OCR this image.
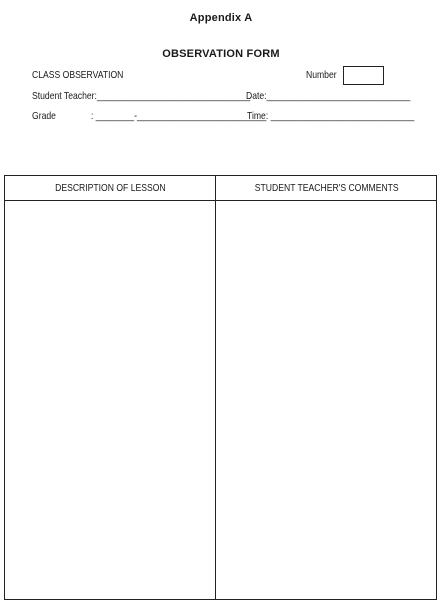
Appendix A
OBSERVATION FORM
CLASS OBSERVATION	Number
Student Teacher:________________________________
Date:______________________________
Grade	: ________-___________________________
Time: ______________________________
DESCRIPTION OF LESSON	STUDENT TEACHER'S COMMENTS
